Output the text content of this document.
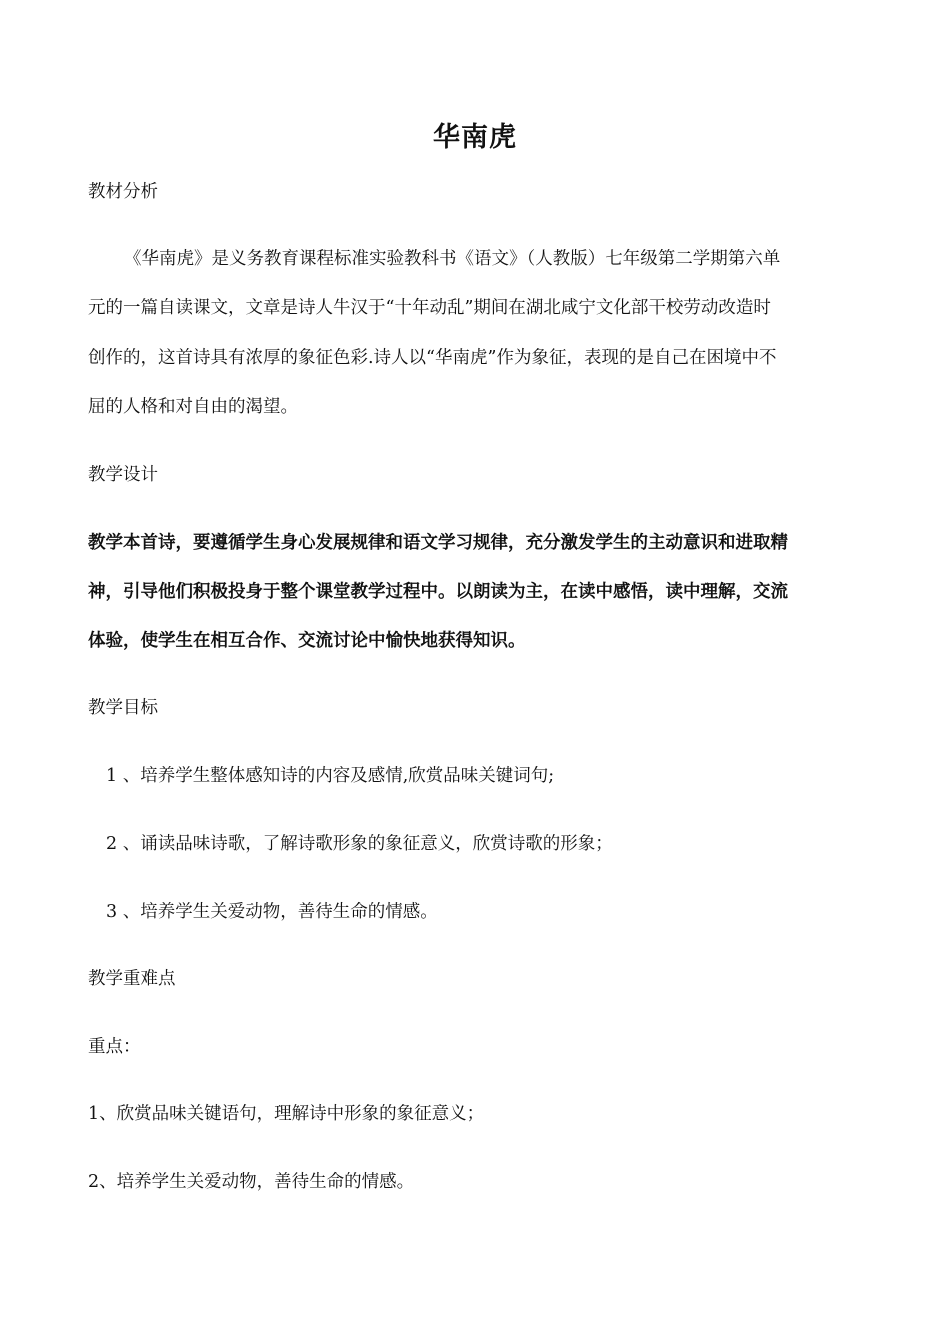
华南虎
教材分析
《华南虎》是义务教育课程标准实验教科书《语文》（人教版）七年级第二学期第六单
元的一篇自读课文，文章是诗人牛汉于“十年动乱”期间在湖北咸宁文化部干校劳动改造时
创作的，这首诗具有浓厚的象征色彩.诗人以“华南虎”作为象征，表现的是自己在困境中不
屈的人格和对自由的渴望。
教学设计
教学本首诗，要遵循学生身心发展规律和语文学习规律，充分激发学生的主动意识和进取精
神，引导他们积极投身于整个课堂教学过程中。以朗读为主，在读中感悟，读中理解，交流
体验，使学生在相互合作、交流讨论中愉快地获得知识。
教学目标
1 、培养学生整体感知诗的内容及感情,欣赏品味关键词句;
2 、诵读品味诗歌，了解诗歌形象的象征意义，欣赏诗歌的形象；
3 、培养学生关爱动物，善待生命的情感。
教学重难点
重点：
1、欣赏品味关键语句，理解诗中形象的象征意义；
2、培养学生关爱动物，善待生命的情感。
